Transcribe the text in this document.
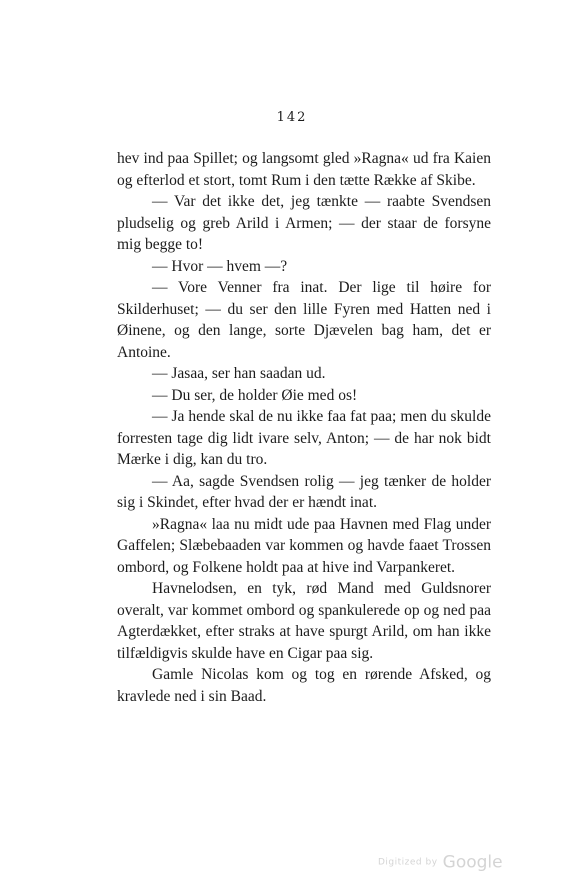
142

hev ind paa Spillet; og langsomt gled »Ragna« ud fra Kaien og efterlod et stort, tomt Rum i den tætte Række af Skibe.

— Var det ikke det, jeg tænkte — raabte Svendsen pludselig og greb Arild i Armen; — der staar de forsyne mig begge to!

— Hvor — hvem —?

— Vore Venner fra inat. Der lige til høire for Skilderhuset; — du ser den lille Fyren med Hatten ned i Øinene, og den lange, sorte Djævelen bag ham, det er Antoine.

— Jasaa, ser han saadan ud.

— Du ser, de holder Øie med os!

— Ja hende skal de nu ikke faa fat paa; men du skulde forresten tage dig lidt ivare selv, Anton; — de har nok bidt Mærke i dig, kan du tro.

— Aa, sagde Svendsen rolig — jeg tænker de holder sig i Skindet, efter hvad der er hændt inat.

»Ragna« laa nu midt ude paa Havnen med Flag under Gaffelen; Slæbebaaden var kommen og havde faaet Trossen ombord, og Folkene holdt paa at hive ind Varpankeret.

Havnelodsen, en tyk, rød Mand med Guldsnorer overalt, var kommet ombord og spankulerede op og ned paa Agterdækket, efter straks at have spurgt Arild, om han ikke tilfældigvis skulde have en Cigar paa sig.

Gamle Nicolas kom og tog en rørende Afsked, og kravlede ned i sin Baad.

Digitized by Google
